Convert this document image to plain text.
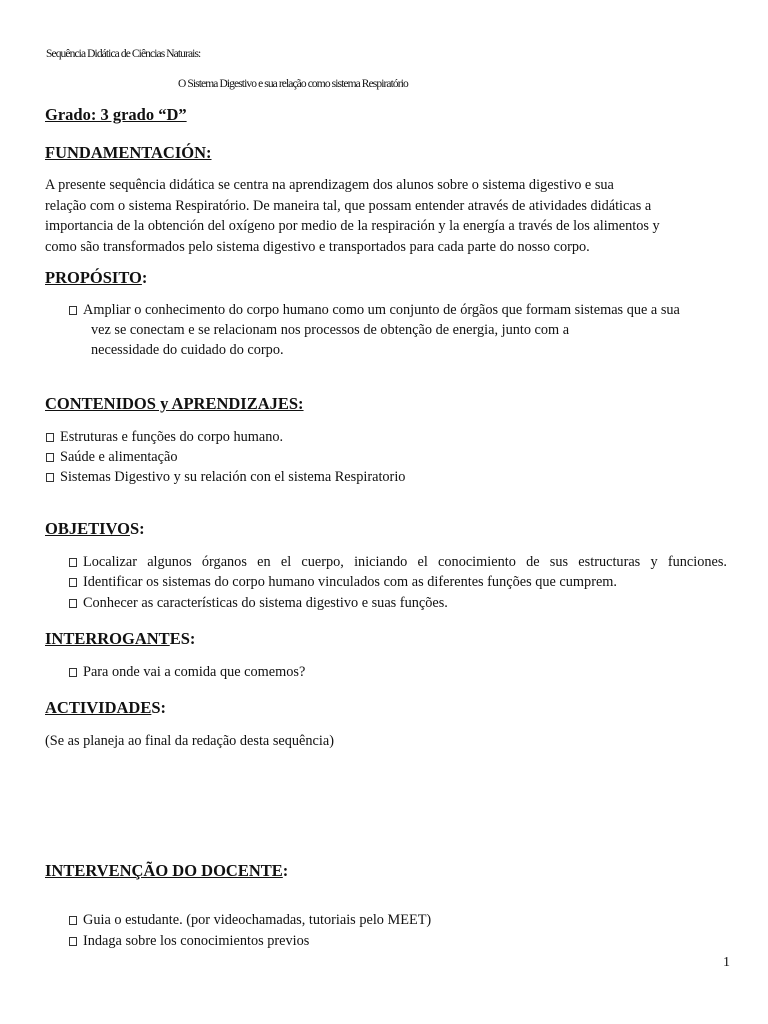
Sequência Didática de Ciências Naturais:
O Sistema Digestivo e sua relação como sistema Respiratório
Grado: 3 grado “D”
FUNDAMENTACIÓN:
A presente sequência didática se centra na aprendizagem dos alunos sobre o sistema digestivo e sua
relação com o sistema Respiratório. De maneira tal, que possam entender através de atividades didáticas a
importancia de la obtención del oxígeno por medio de la respiración y la energía a través de los alimentos y
como são transformados pelo sistema digestivo e transportados para cada parte do nosso corpo.
PROPÓSITO:
Ampliar o conhecimento do corpo humano como um conjunto de órgãos que formam sistemas que a sua
vez se conectam e se relacionam nos processos de obtenção de energia, junto com a
necessidade do cuidado do corpo.
CONTENIDOS y APRENDIZAJES:
Estruturas e funções do corpo humano.
Saúde e alimentação
Sistemas Digestivo y su relación con el sistema Respiratorio
OBJETIVOS:
Localizar algunos órganos en el cuerpo, iniciando el conocimiento de sus estructuras y funciones.
Identificar os sistemas do corpo humano vinculados com as diferentes funções que cumprem.
Conhecer as características do sistema digestivo e suas funções.
INTERROGANTES:
Para onde vai a comida que comemos?
ACTIVIDADES:
(Se as planeja ao final da redação desta sequência)
INTERVENÇÃO DO DOCENTE:
Guia o estudante. (por videochamadas, tutoriais pelo MEET)
Indaga sobre los conocimientos previos
1
